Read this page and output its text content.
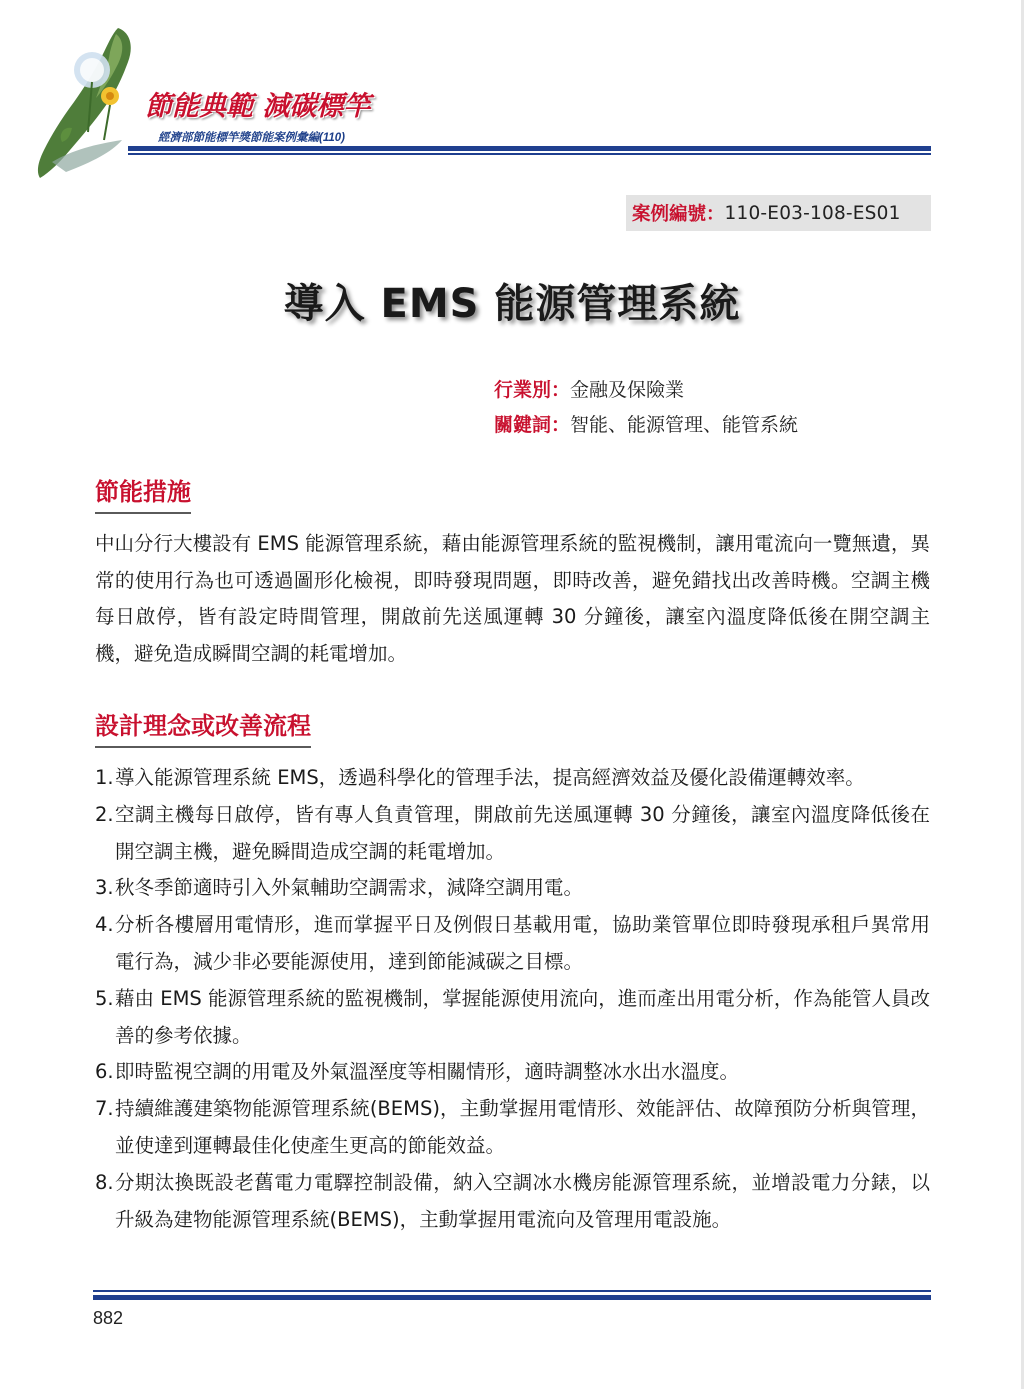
節能典範 減碳標竿
經濟部節能標竿獎節能案例彙編(110)
案例編號： 110-E03-108-ES01
導入 EMS 能源管理系統
行業別：金融及保險業
關鍵詞：智能、能源管理、能管系統
節能措施

中山分行大樓設有 EMS 能源管理系統，藉由能源管理系統的監視機制，讓用電流向一覽無遺，異常的使用行為也可透過圖形化檢視，即時發現問題，即時改善，避免錯找出改善時機。空調主機每日啟停，皆有設定時間管理，開啟前先送風運轉 30 分鐘後，讓室內溫度降低後在開空調主機，避免造成瞬間空調的耗電增加。

設計理念或改善流程
1. 導入能源管理系統 EMS，透過科學化的管理手法，提高經濟效益及優化設備運轉效率。
2. 空調主機每日啟停，皆有專人負責管理，開啟前先送風運轉 30 分鐘後，讓室內溫度降低後在開空調主機，避免瞬間造成空調的耗電增加。
3. 秋冬季節適時引入外氣輔助空調需求，減降空調用電。
4. 分析各樓層用電情形，進而掌握平日及例假日基載用電，協助業管單位即時發現承租戶異常用電行為，減少非必要能源使用，達到節能減碳之目標。
5. 藉由 EMS 能源管理系統的監視機制，掌握能源使用流向，進而產出用電分析，作為能管人員改善的參考依據。
6. 即時監視空調的用電及外氣溫溼度等相關情形，適時調整冰水出水溫度。
7. 持續維護建築物能源管理系統(BEMS)，主動掌握用電情形、效能評估、故障預防分析與管理，並使達到運轉最佳化使產生更高的節能效益。
8. 分期汰換既設老舊電力電驛控制設備，納入空調冰水機房能源管理系統，並增設電力分錶，以升級為建物能源管理系統(BEMS)，主動掌握用電流向及管理用電設施。
882
